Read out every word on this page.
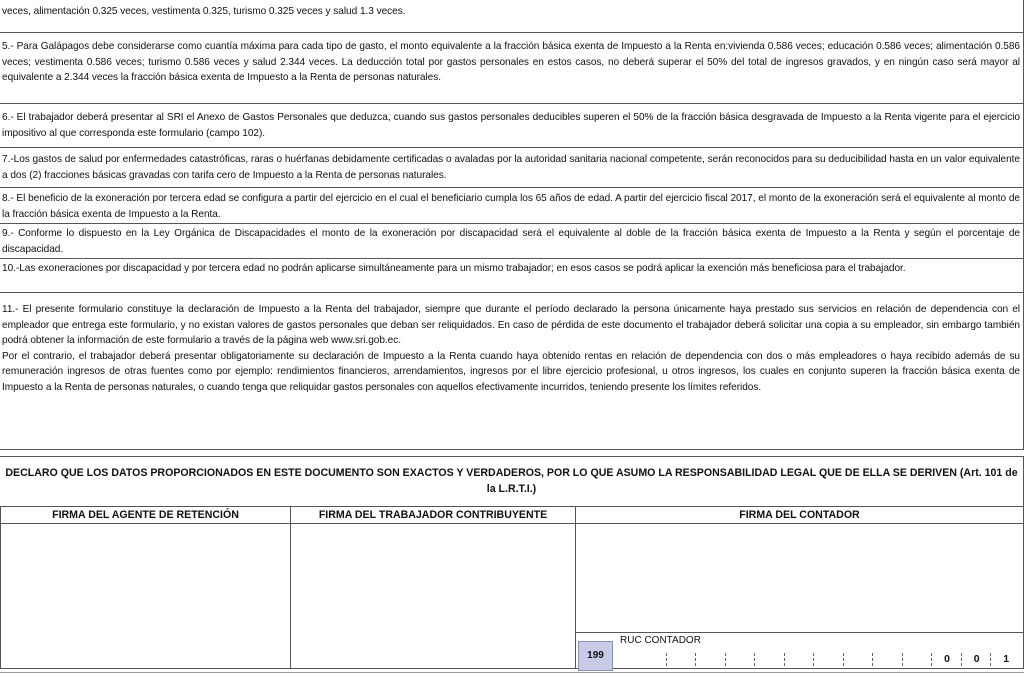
veces, alimentación 0.325 veces, vestimenta 0.325, turismo 0.325 veces y salud 1.3 veces.

5.- Para Galápagos debe considerarse como cuantía máxima para cada tipo de gasto, el monto equivalente a la fracción básica exenta de Impuesto a la Renta en:vivienda 0.586 veces; educación 0.586 veces; alimentación 0.586 veces; vestimenta 0.586 veces; turismo 0.586 veces y salud 2.344 veces. La deducción total por gastos personales en estos casos, no deberá superar el 50% del total de ingresos gravados, y en ningún caso será mayor al equivalente a 2.344 veces la fracción básica exenta de Impuesto a la Renta de personas naturales.

6.- El trabajador deberá presentar al SRI el Anexo de Gastos Personales que deduzca, cuando sus gastos personales deducibles superen el 50% de la fracción básica desgravada de Impuesto a la Renta vigente para el ejercicio impositivo al que corresponda este formulario (campo 102).

7.-Los gastos de salud por enfermedades catastróficas, raras o huérfanas debidamente certificadas o avaladas por la autoridad sanitaria nacional competente, serán reconocidos para su deducibilidad hasta en un valor equivalente a dos (2) fracciones básicas gravadas con tarifa cero de Impuesto a la Renta de personas naturales.

8.- El beneficio de la exoneración por tercera edad se configura a partir del ejercicio en el cual el beneficiario cumpla los 65 años de edad. A partir del ejercicio fiscal 2017, el monto de la exoneración será el equivalente al monto de la fracción básica exenta de Impuesto a la Renta.

9.- Conforme lo dispuesto en la Ley Orgánica de Discapacidades el monto de la exoneración por discapacidad será el equivalente al doble de la fracción básica exenta de Impuesto a la Renta y según el porcentaje de discapacidad.

10.-Las exoneraciones por discapacidad y por tercera edad no podrán aplicarse simultáneamente para un mismo trabajador; en esos casos se podrá aplicar la exención más beneficiosa para el trabajador.

11.- El presente formulario constituye la declaración de Impuesto a la Renta del trabajador, siempre que durante el período declarado la persona únicamente haya prestado sus servicios en relación de dependencia con el empleador que entrega este formulario, y no existan valores de gastos personales que deban ser reliquidados. En caso de pérdida de este documento el trabajador deberá solicitar una copia a su empleador, sin embargo también podrá obtener la información de este formulario a través de la página web www.sri.gob.ec.

Por el contrario, el trabajador deberá presentar obligatoriamente su declaración de Impuesto a la Renta cuando haya obtenido rentas en relación de dependencia con dos o más empleadores o haya recibido además de su remuneración ingresos de otras fuentes como por ejemplo: rendimientos financieros, arrendamientos, ingresos por el libre ejercicio profesional, u otros ingresos, los cuales en conjunto superen la fracción básica exenta de Impuesto a la Renta de personas naturales, o cuando tenga que reliquidar gastos personales con aquellos efectivamente incurridos, teniendo presente los límites referidos.

DECLARO QUE LOS DATOS PROPORCIONADOS EN ESTE DOCUMENTO SON EXACTOS Y VERDADEROS, POR LO QUE ASUMO LA RESPONSABILIDAD LEGAL QUE DE ELLA SE DERIVEN (Art. 101 de la L.R.T.I.)
FIRMA DEL AGENTE DE RETENCIÓN	FIRMA DEL TRABAJADOR CONTRIBUYENTE	FIRMA DEL CONTADOR
199
RUC CONTADOR
0	0	1
